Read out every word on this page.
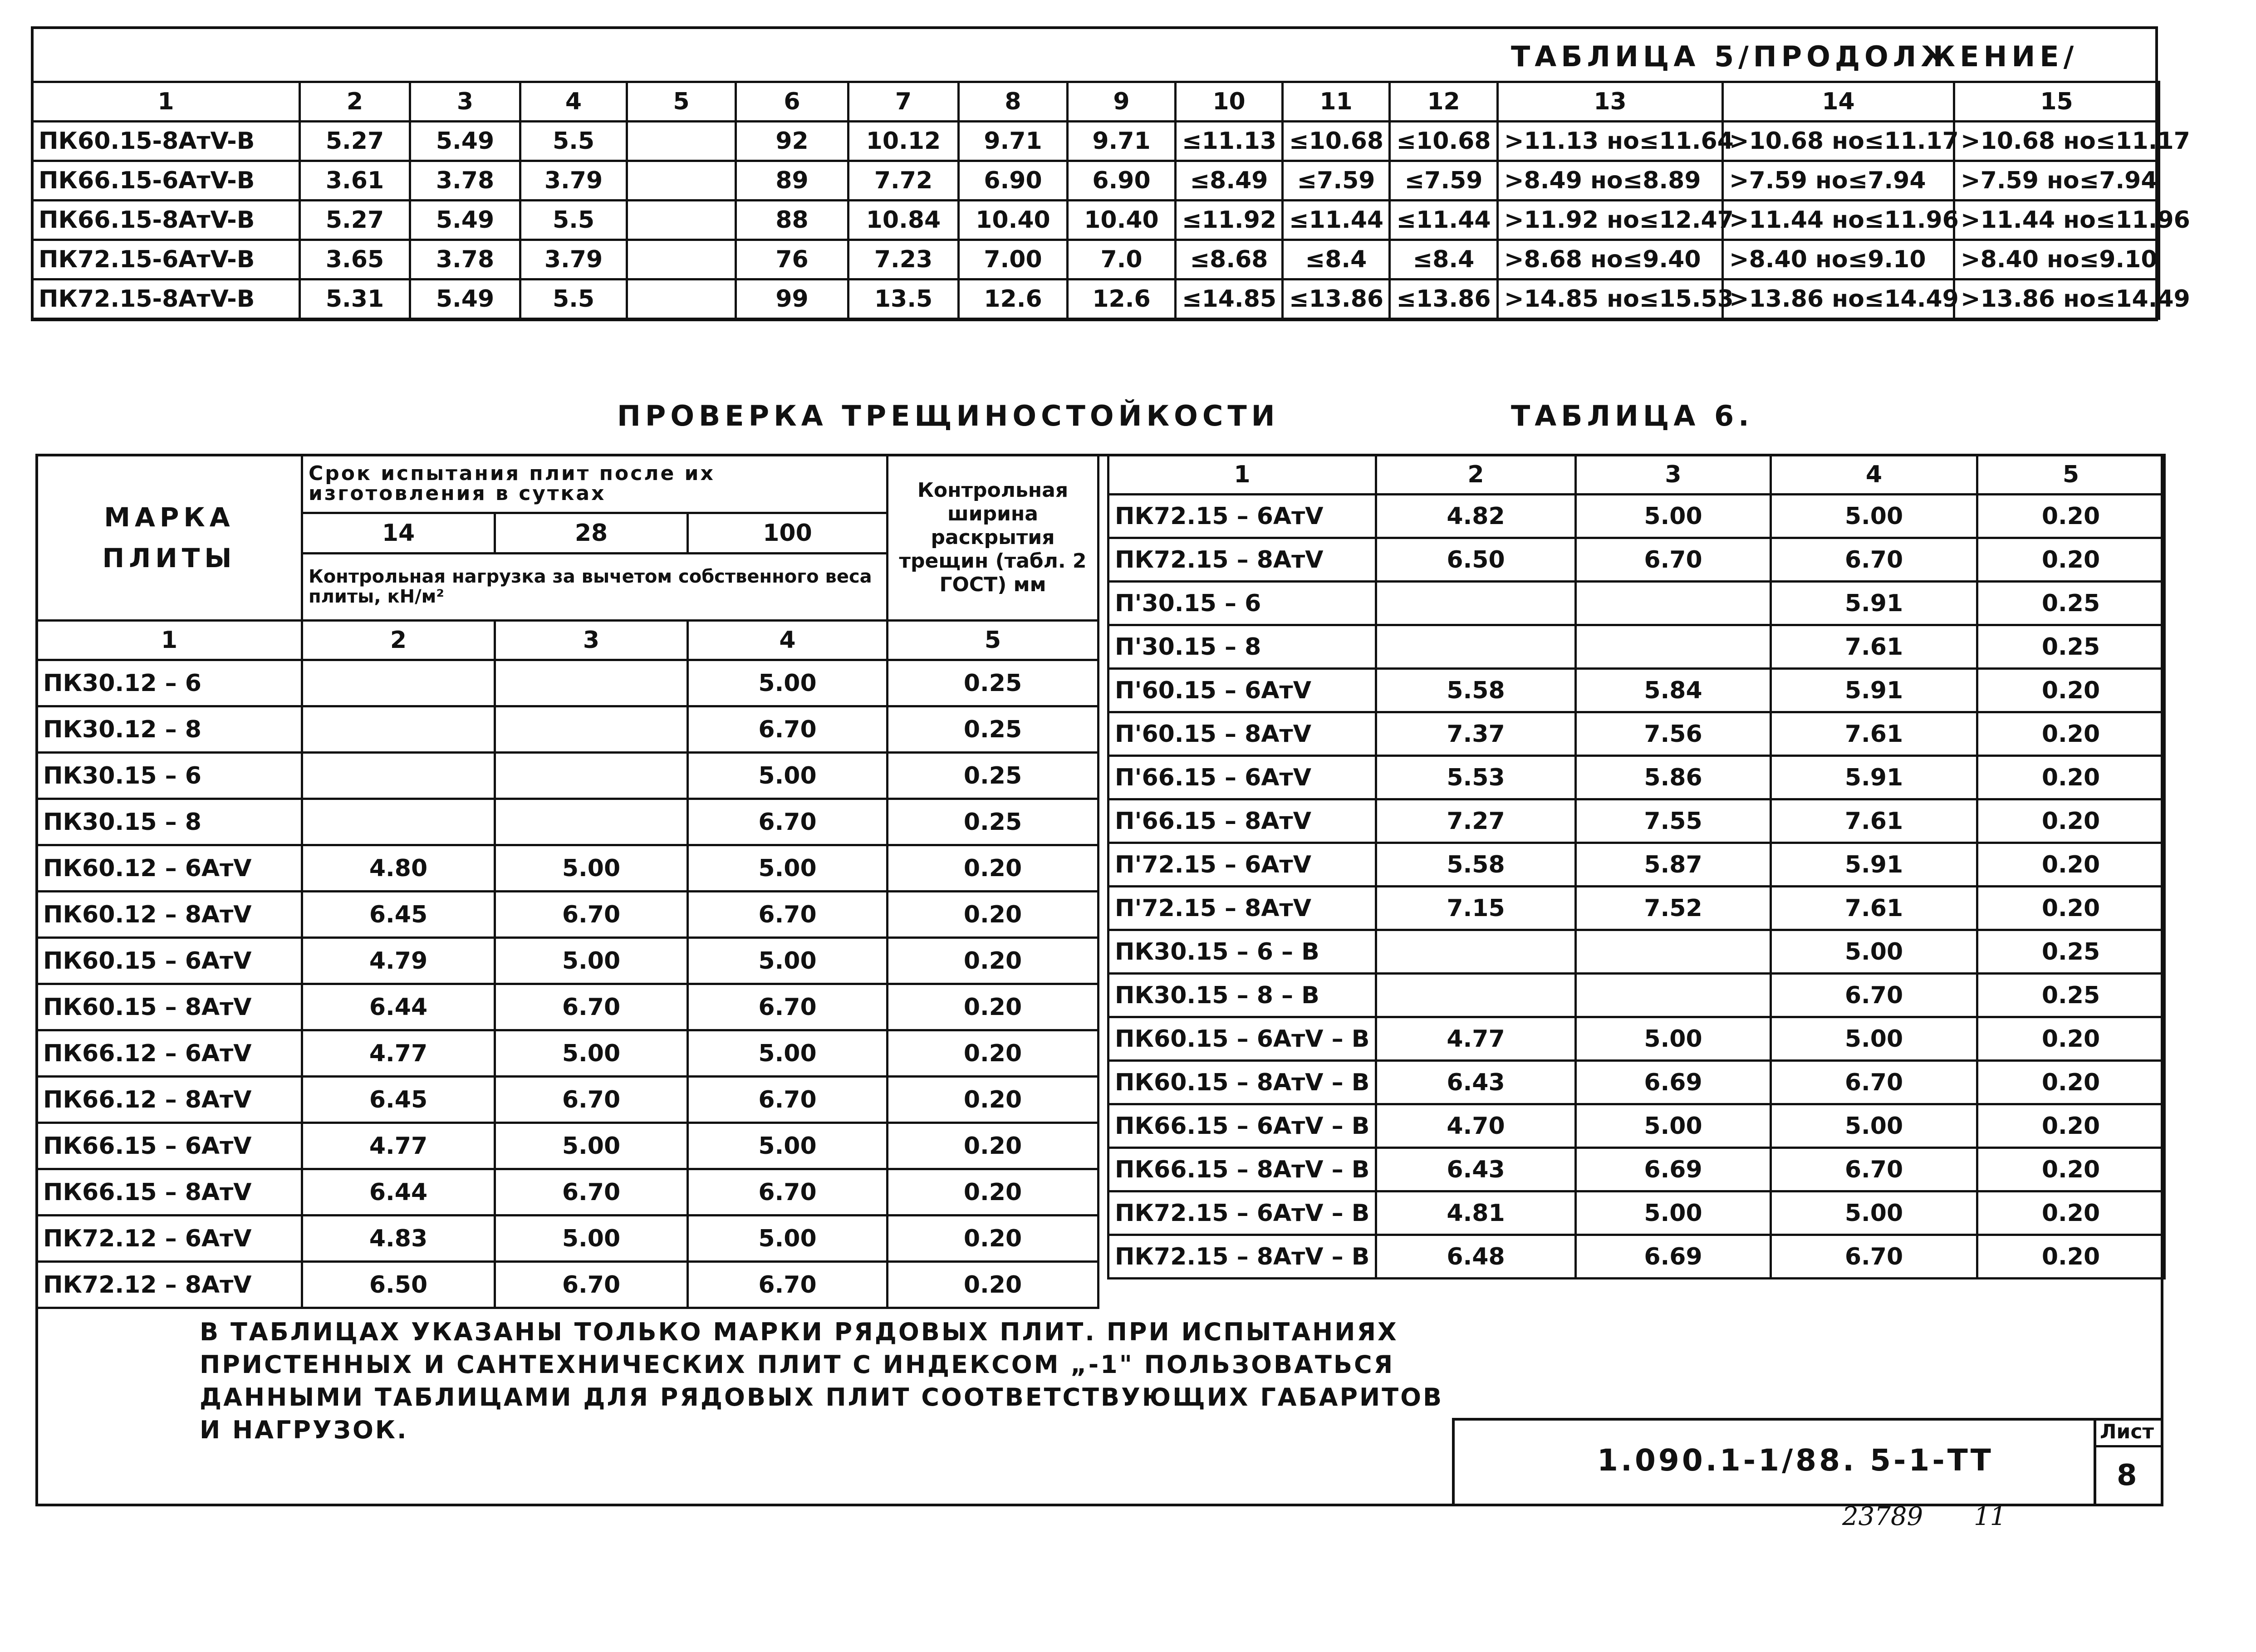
ТАБЛИЦА 5/ПРОДОЛЖЕНИЕ/
1	2	3	4	5	6	7	8	9	10	11	12	13	14	15
ПК60.15-8АтV-В	5.27	5.49	5.5		92	10.12	9.71	9.71	≤11.13	≤10.68	≤10.68	>11.13 но≤11.64	>10.68 но≤11.17	>10.68 но≤11.17
ПК66.15-6АтV-В	3.61	3.78	3.79		89	7.72	6.90	6.90	≤8.49	≤7.59	≤7.59	>8.49 но≤8.89	>7.59 но≤7.94	>7.59 но≤7.94
ПК66.15-8АтV-В	5.27	5.49	5.5		88	10.84	10.40	10.40	≤11.92	≤11.44	≤11.44	>11.92 но≤12.47	>11.44 но≤11.96	>11.44 но≤11.96
ПК72.15-6АтV-В	3.65	3.78	3.79		76	7.23	7.00	7.0	≤8.68	≤8.4	≤8.4	>8.68 но≤9.40	>8.40 но≤9.10	>8.40 но≤9.10
ПК72.15-8АтV-В	5.31	5.49	5.5		99	13.5	12.6	12.6	≤14.85	≤13.86	≤13.86	>14.85 но≤15.53	>13.86 но≤14.49	>13.86 но≤14.49
ПРОВЕРКА ТРЕЩИНОСТОЙКОСТИ	ТАБЛИЦА 6.
МАРКА ПЛИТЫ	Срок испытания плит после их изготовления в сутках			Контрольная ширина раскрытия трещин (табл. 2 ГОСТ) мм
	14	28	100	
	Контрольная нагрузка за вычетом собственного веса плиты, кН/м²			
1	2	3	4	5
ПК30.12 – 6			5.00	0.25
ПК30.12 – 8			6.70	0.25
ПК30.15 – 6			5.00	0.25
ПК30.15 – 8			6.70	0.25
ПК60.12 – 6АтV	4.80	5.00	5.00	0.20
ПК60.12 – 8АтV	6.45	6.70	6.70	0.20
ПК60.15 – 6АтV	4.79	5.00	5.00	0.20
ПК60.15 – 8АтV	6.44	6.70	6.70	0.20
ПК66.12 – 6АтV	4.77	5.00	5.00	0.20
ПК66.12 – 8АтV	6.45	6.70	6.70	0.20
ПК66.15 – 6АтV	4.77	5.00	5.00	0.20
ПК66.15 – 8АтV	6.44	6.70	6.70	0.20
ПК72.12 – 6АтV	4.83	5.00	5.00	0.20
ПК72.12 – 8АтV	6.50	6.70	6.70	0.20
1	2	3	4	5
ПК72.15 – 6АтV	4.82	5.00	5.00	0.20
ПК72.15 – 8АтV	6.50	6.70	6.70	0.20
П'30.15 – 6			5.91	0.25
П'30.15 – 8			7.61	0.25
П'60.15 – 6АтV	5.58	5.84	5.91	0.20
П'60.15 – 8АтV	7.37	7.56	7.61	0.20
П'66.15 – 6АтV	5.53	5.86	5.91	0.20
П'66.15 – 8АтV	7.27	7.55	7.61	0.20
П'72.15 – 6АтV	5.58	5.87	5.91	0.20
П'72.15 – 8АтV	7.15	7.52	7.61	0.20
ПК30.15 – 6 – В			5.00	0.25
ПК30.15 – 8 – В			6.70	0.25
ПК60.15 – 6АтV – В	4.77	5.00	5.00	0.20
ПК60.15 – 8АтV – В	6.43	6.69	6.70	0.20
ПК66.15 – 6АтV – В	4.70	5.00	5.00	0.20
ПК66.15 – 8АтV – В	6.43	6.69	6.70	0.20
ПК72.15 – 6АтV – В	4.81	5.00	5.00	0.20
ПК72.15 – 8АтV – В	6.48	6.69	6.70	0.20
В ТАБЛИЦАХ УКАЗАНЫ ТОЛЬКО МАРКИ РЯДОВЫХ ПЛИТ. ПРИ ИСПЫТАНИЯХ
ПРИСТЕННЫХ И САНТЕХНИЧЕСКИХ ПЛИТ С ИНДЕКСОМ „-1" ПОЛЬЗОВАТЬСЯ
ДАННЫМИ ТАБЛИЦАМИ ДЛЯ РЯДОВЫХ ПЛИТ СООТВЕТСТВУЮЩИХ ГАБАРИТОВ
И НАГРУЗОК.
1.090.1-1/88. 5-1-ТТ
Лист
8
23789 11
